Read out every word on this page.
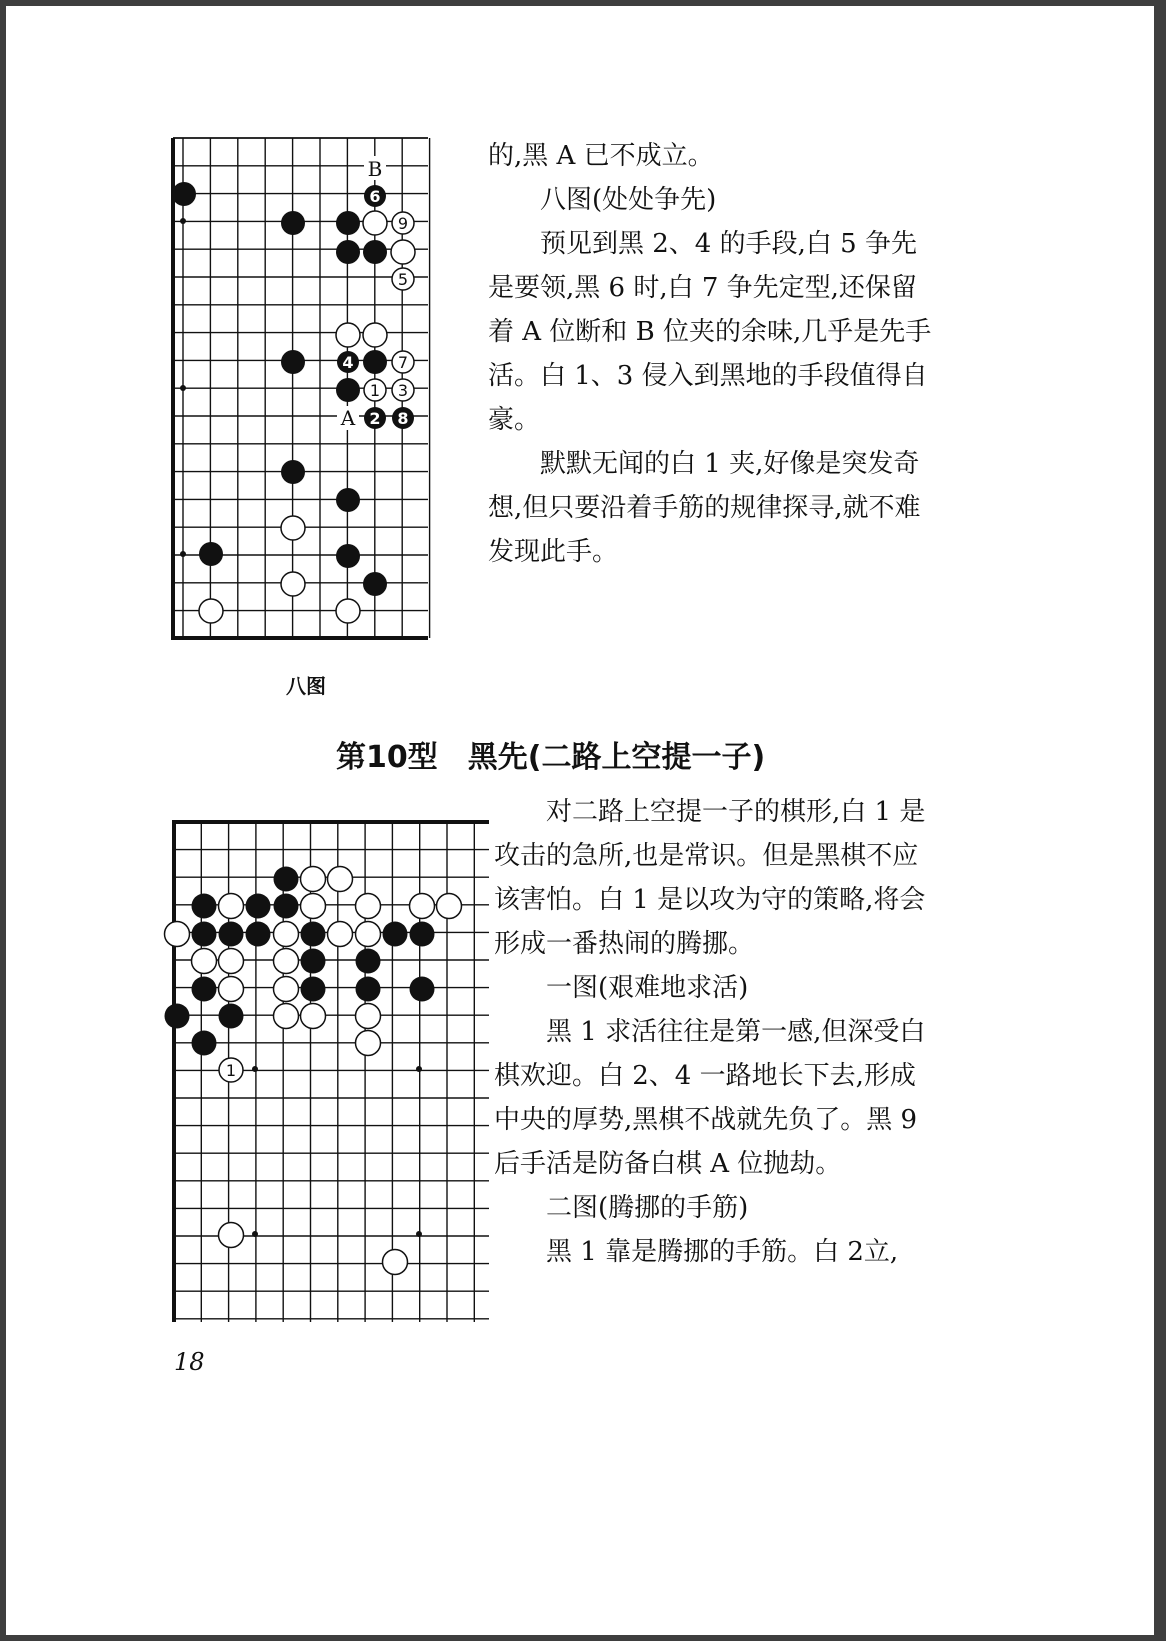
6
9
5
4	7
1 3
2 8
B
A
八图

的,黑 A 已不成立。

　　八图(处处争先)

　　预见到黑 2、4 的手段,白 5 争先是要领,黑 6 时,白 7 争先定型,还保留着 A 位断和 B 位夹的余味,几乎是先手活。白 1、3 侵入到黑地的手段值得自豪。

　　默默无闻的白 1 夹,好像是突发奇想,但只要沿着手筋的规律探寻,就不难发现此手。

第10型　黑先(二路上空提一子)
1

　　对二路上空提一子的棋形,白 1 是攻击的急所,也是常识。但是黑棋不应该害怕。白 1 是以攻为守的策略,将会形成一番热闹的腾挪。

　　一图(艰难地求活)

　　黑 1 求活往往是第一感,但深受白棋欢迎。白 2、4 一路地长下去,形成中央的厚势,黑棋不战就先负了。黑 9 后手活是防备白棋 A 位抛劫。

　　二图(腾挪的手筋)

　　黑 1 靠是腾挪的手筋。白 2立,

18
